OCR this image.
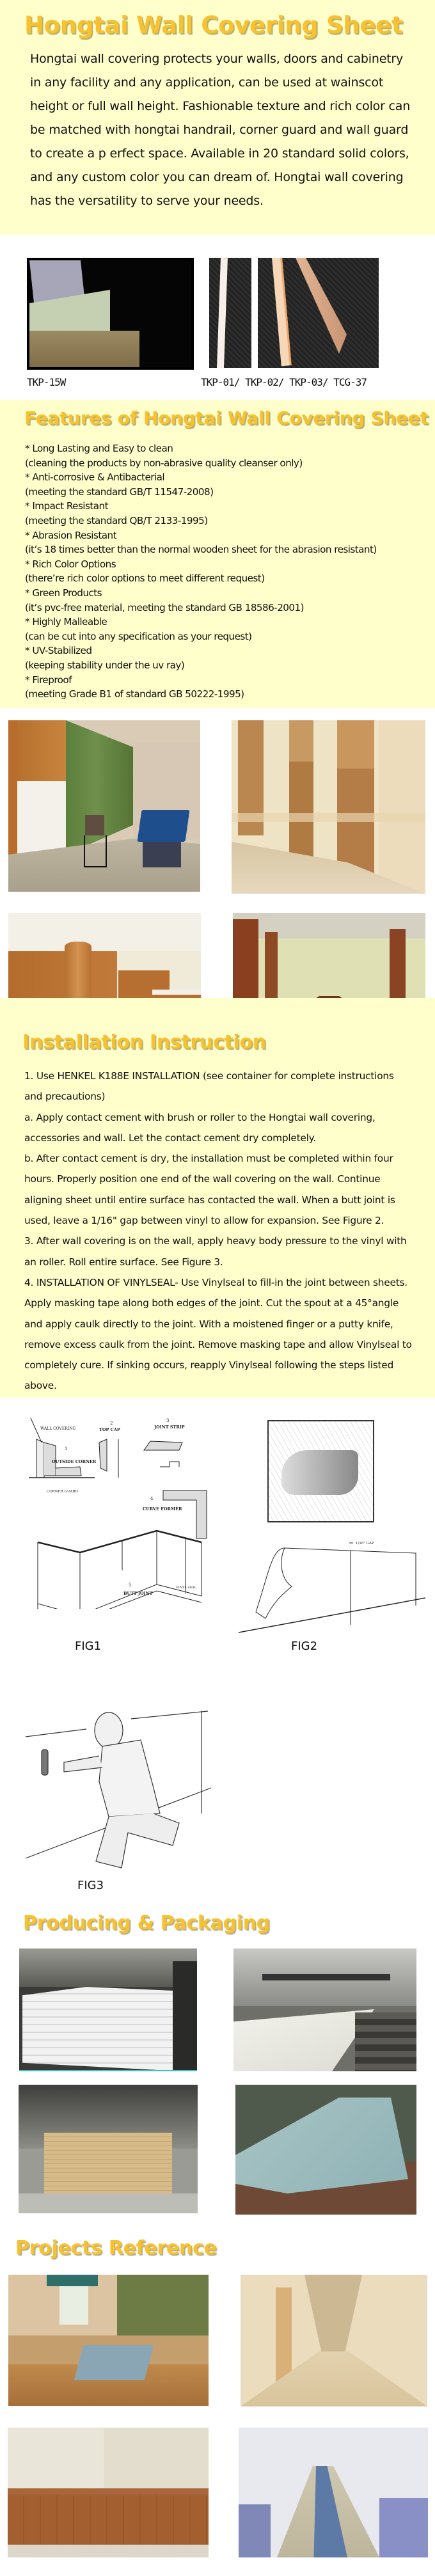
Hongtai Wall Covering Sheet

Hongtai wall covering protects your walls, doors and cabinetry in any facility and any application, can be used at wainscot height or full wall height. Fashionable texture and rich color can be matched with hongtai handrail, corner guard and wall guard to create a p erfect space. Available in 20 standard solid colors, and any custom color you can dream of. Hongtai wall covering has the versatility to serve your needs.

TKP-15W	TKP-01/ TKP-02/ TKP-03/ TCG-37
Features of Hongtai Wall Covering Sheet

* Long Lasting and Easy to clean

(cleaning the products by non-abrasive quality cleanser only)

* Anti-corrosive & Antibacterial

(meeting the standard GB/T 11547-2008)

* Impact Resistant

(meeting the standard QB/T 2133-1995)

* Abrasion Resistant

(it’s 18 times better than the normal wooden sheet for the abrasion resistant)

* Rich Color Options

(there’re rich color options to meet different request)

* Green Products

(it’s pvc-free material, meeting the standard GB 18586-2001)

* Highly Malleable

(can be cut into any specification as your request)

* UV-Stabilized

(keeping stability under the uv ray)

* Fireproof

(meeting Grade B1 of standard GB 50222-1995)

Installation Instruction

1. Use HENKEL K188E INSTALLATION (see container for complete instructions and precautions)

a. Apply contact cement with brush or roller to the Hongtai wall covering, accessories and wall. Let the contact cement dry completely.

b. After contact cement is dry, the installation must be completed within four hours. Properly position one end of the wall covering on the wall. Continue aligning sheet until entire surface has contacted the wall. When a butt joint is used, leave a 1/16" gap between vinyl to allow for expansion. See Figure 2.

3. After wall covering is on the wall, apply heavy body pressure to the vinyl with an roller. Roll entire surface. See Figure 3.

4. INSTALLATION OF VINYLSEAL- Use Vinylseal to fill-in the joint between sheets. Apply masking tape along both edges of the joint. Cut the spout at a 45°angle and apply caulk directly to the joint. With a moistened finger or a putty knife, remove excess caulk from the joint. Remove masking tape and allow Vinylseal to completely cure. If sinking occurs, reapply Vinylseal following the steps listed above.

WALL COVERING
1
OUTSIDE CORNER
CORNER GUARD
2
TOP CAP
3
JOINT STRIP
4
CURVE FORMER
5
BUTT JOINT
VINYL SEAL
FIG1
1/16" GAP
FIG2
FIG3
Producing & Packaging
Projects Reference
